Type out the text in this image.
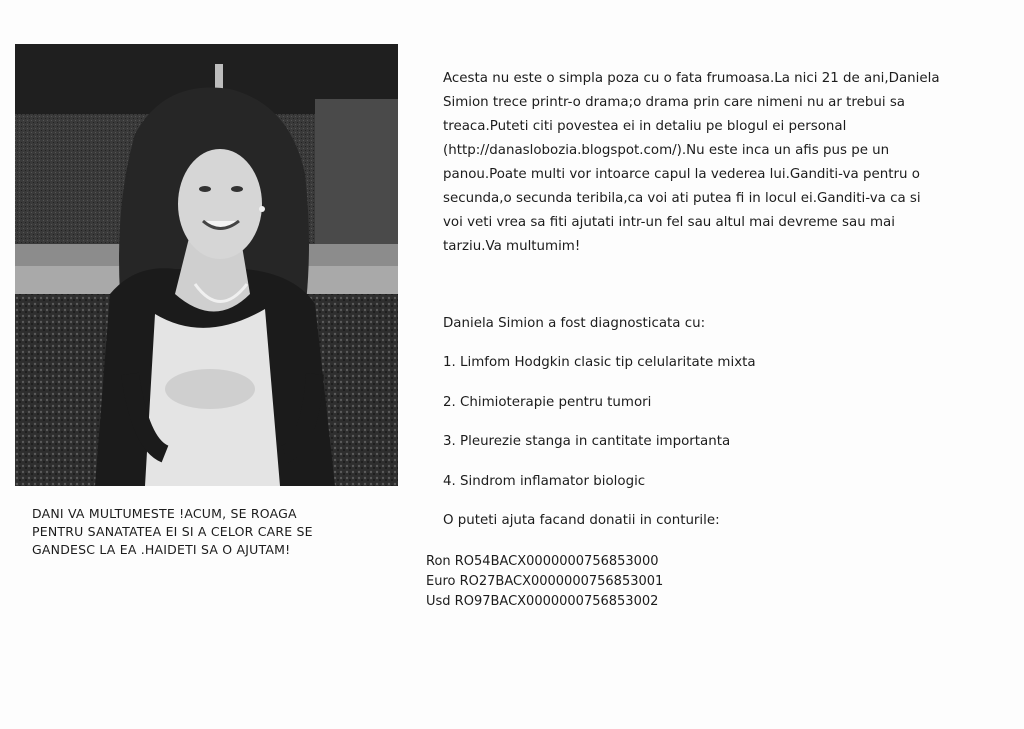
DANI VA MULTUMESTE !ACUM, SE ROAGA
PENTRU SANATATEA EI SI A CELOR CARE SE
GANDESC LA EA .HAIDETI SA O AJUTAM!
Acesta nu este o simpla poza cu o fata frumoasa.La nici 21 de ani,Daniela
Simion trece printr-o drama;o drama prin care nimeni nu ar trebui sa
treaca.Puteti citi povestea ei in detaliu pe blogul ei personal
(http://danaslobozia.blogspot.com/).Nu este inca un afis pus pe un
panou.Poate multi vor intoarce capul la vederea lui.Ganditi-va pentru o
secunda,o secunda teribila,ca voi ati putea fi in locul ei.Ganditi-va ca si
voi veti vrea sa fiti ajutati intr-un fel sau altul mai devreme sau mai
tarziu.Va multumim!
Daniela Simion a fost diagnosticata cu:
1. Limfom Hodgkin clasic tip celularitate mixta
2. Chimioterapie pentru tumori
3. Pleurezie stanga in cantitate importanta
4. Sindrom inflamator biologic
O puteti ajuta facand donatii in conturile:
Ron RO54BACX0000000756853000
Euro RO27BACX0000000756853001
Usd RO97BACX0000000756853002
